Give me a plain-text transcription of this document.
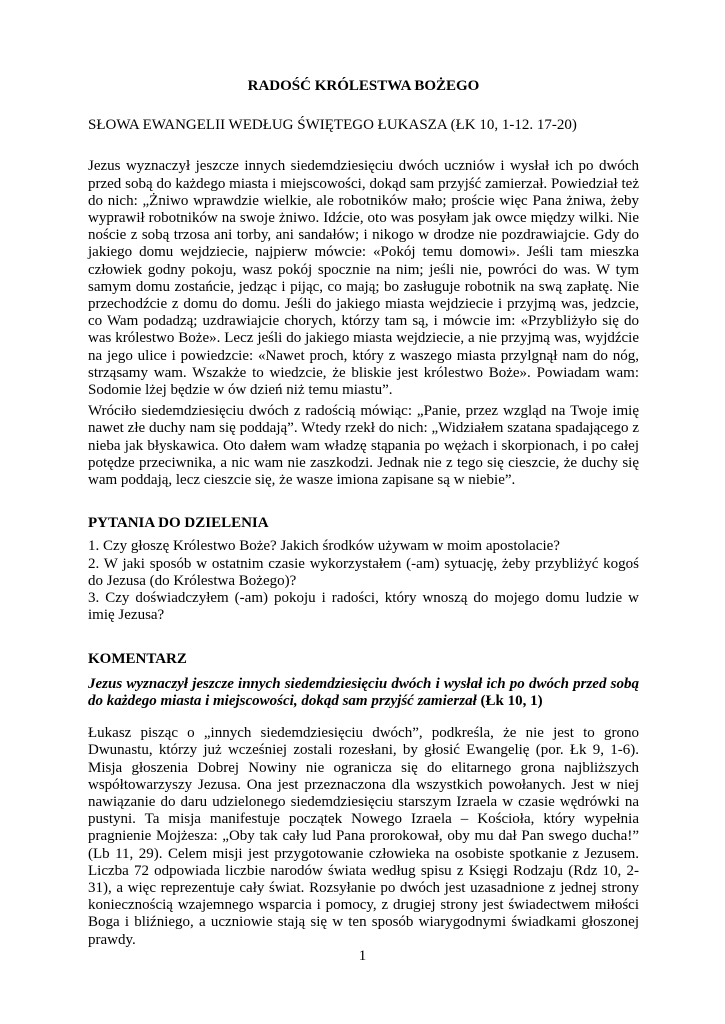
RADOŚĆ KRÓLESTWA BOŻEGO

SŁOWA EWANGELII WEDŁUG ŚWIĘTEGO ŁUKASZA (ŁK 10, 1-12. 17-20)

Jezus wyznaczył jeszcze innych siedemdziesięciu dwóch uczniów i wysłał ich po dwóch przed sobą do każdego miasta i miejscowości, dokąd sam przyjść zamierzał. Powiedział też do nich: „Żniwo wprawdzie wielkie, ale robotników mało; proście więc Pana żniwa, żeby wyprawił robotników na swoje żniwo. Idźcie, oto was posyłam jak owce między wilki. Nie noście z sobą trzosa ani torby, ani sandałów; i nikogo w drodze nie pozdrawiajcie. Gdy do jakiego domu wejdziecie, najpierw mówcie: «Pokój temu domowi». Jeśli tam mieszka człowiek godny pokoju, wasz pokój spocznie na nim; jeśli nie, powróci do was. W tym samym domu zostańcie, jedząc i pijąc, co mają; bo zasługuje robotnik na swą zapłatę. Nie przechodźcie z domu do domu. Jeśli do jakiego miasta wejdziecie i przyjmą was, jedzcie, co Wam podadzą; uzdrawiajcie chorych, którzy tam są, i mówcie im: «Przybliżyło się do was królestwo Boże». Lecz jeśli do jakiego miasta wejdziecie, a nie przyjmą was, wyjdźcie na jego ulice i powiedzcie: «Nawet proch, który z waszego miasta przylgnął nam do nóg, strząsamy wam. Wszakże to wiedzcie, że bliskie jest królestwo Boże». Powiadam wam: Sodomie lżej będzie w ów dzień niż temu miastu”.

Wróciło siedemdziesięciu dwóch z radością mówiąc: „Panie, przez wzgląd na Twoje imię nawet złe duchy nam się poddają”. Wtedy rzekł do nich: „Widziałem szatana spadającego z nieba jak błyskawica. Oto dałem wam władzę stąpania po wężach i skorpionach, i po całej potędze przeciwnika, a nic wam nie zaszkodzi. Jednak nie z tego się cieszcie, że duchy się wam poddają, lecz cieszcie się, że wasze imiona zapisane są w niebie”.

PYTANIA DO DZIELENIA

1. Czy głoszę Królestwo Boże? Jakich środków używam w moim apostolacie?
2. W jaki sposób w ostatnim czasie wykorzystałem (-am) sytuację, żeby przybliżyć kogoś do Jezusa (do Królestwa Bożego)?
3. Czy doświadczyłem (-am) pokoju i radości, który wnoszą do mojego domu ludzie w imię Jezusa?

KOMENTARZ

Jezus wyznaczył jeszcze innych siedemdziesięciu dwóch i wysłał ich po dwóch przed sobą do każdego miasta i miejscowości, dokąd sam przyjść zamierzał (Łk 10, 1)

Łukasz pisząc o „innych siedemdziesięciu dwóch”, podkreśla, że nie jest to grono Dwunastu, którzy już wcześniej zostali rozesłani, by głosić Ewangelię (por. Łk 9, 1-6). Misja głoszenia Dobrej Nowiny nie ogranicza się do elitarnego grona najbliższych współtowarzyszy Jezusa. Ona jest przeznaczona dla wszystkich powołanych. Jest w niej nawiązanie do daru udzielonego siedemdziesięciu starszym Izraela w czasie wędrówki na pustyni. Ta misja manifestuje początek Nowego Izraela – Kościoła, który wypełnia pragnienie Mojżesza: „Oby tak cały lud Pana prorokował, oby mu dał Pan swego ducha!” (Lb 11, 29). Celem misji jest przygotowanie człowieka na osobiste spotkanie z Jezusem. Liczba 72 odpowiada liczbie narodów świata według spisu z Księgi Rodzaju (Rdz 10, 2-31), a więc reprezentuje cały świat. Rozsyłanie po dwóch jest uzasadnione z jednej strony koniecznością wzajemnego wsparcia i pomocy, z drugiej strony jest świadectwem miłości Boga i bliźniego, a uczniowie stają się w ten sposób wiarygodnymi świadkami głoszonej prawdy.

1
